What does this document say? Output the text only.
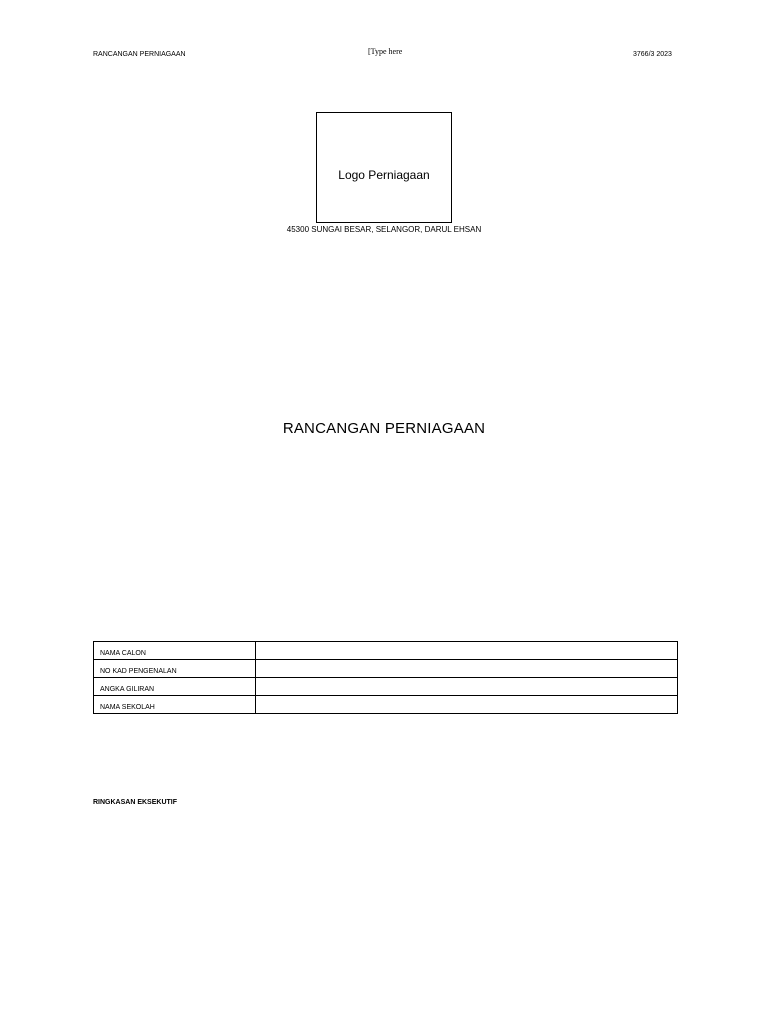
RANCANGAN PERNIAGAAN	[Type here	3766/3 2023
45300 SUNGAI BESAR, SELANGOR, DARUL EHSAN
Logo Perniagaan
RANCANGAN PERNIAGAAN
NAMA CALON	
NO KAD PENGENALAN	
ANGKA GILIRAN	
NAMA SEKOLAH	
RINGKASAN EKSEKUTIF
